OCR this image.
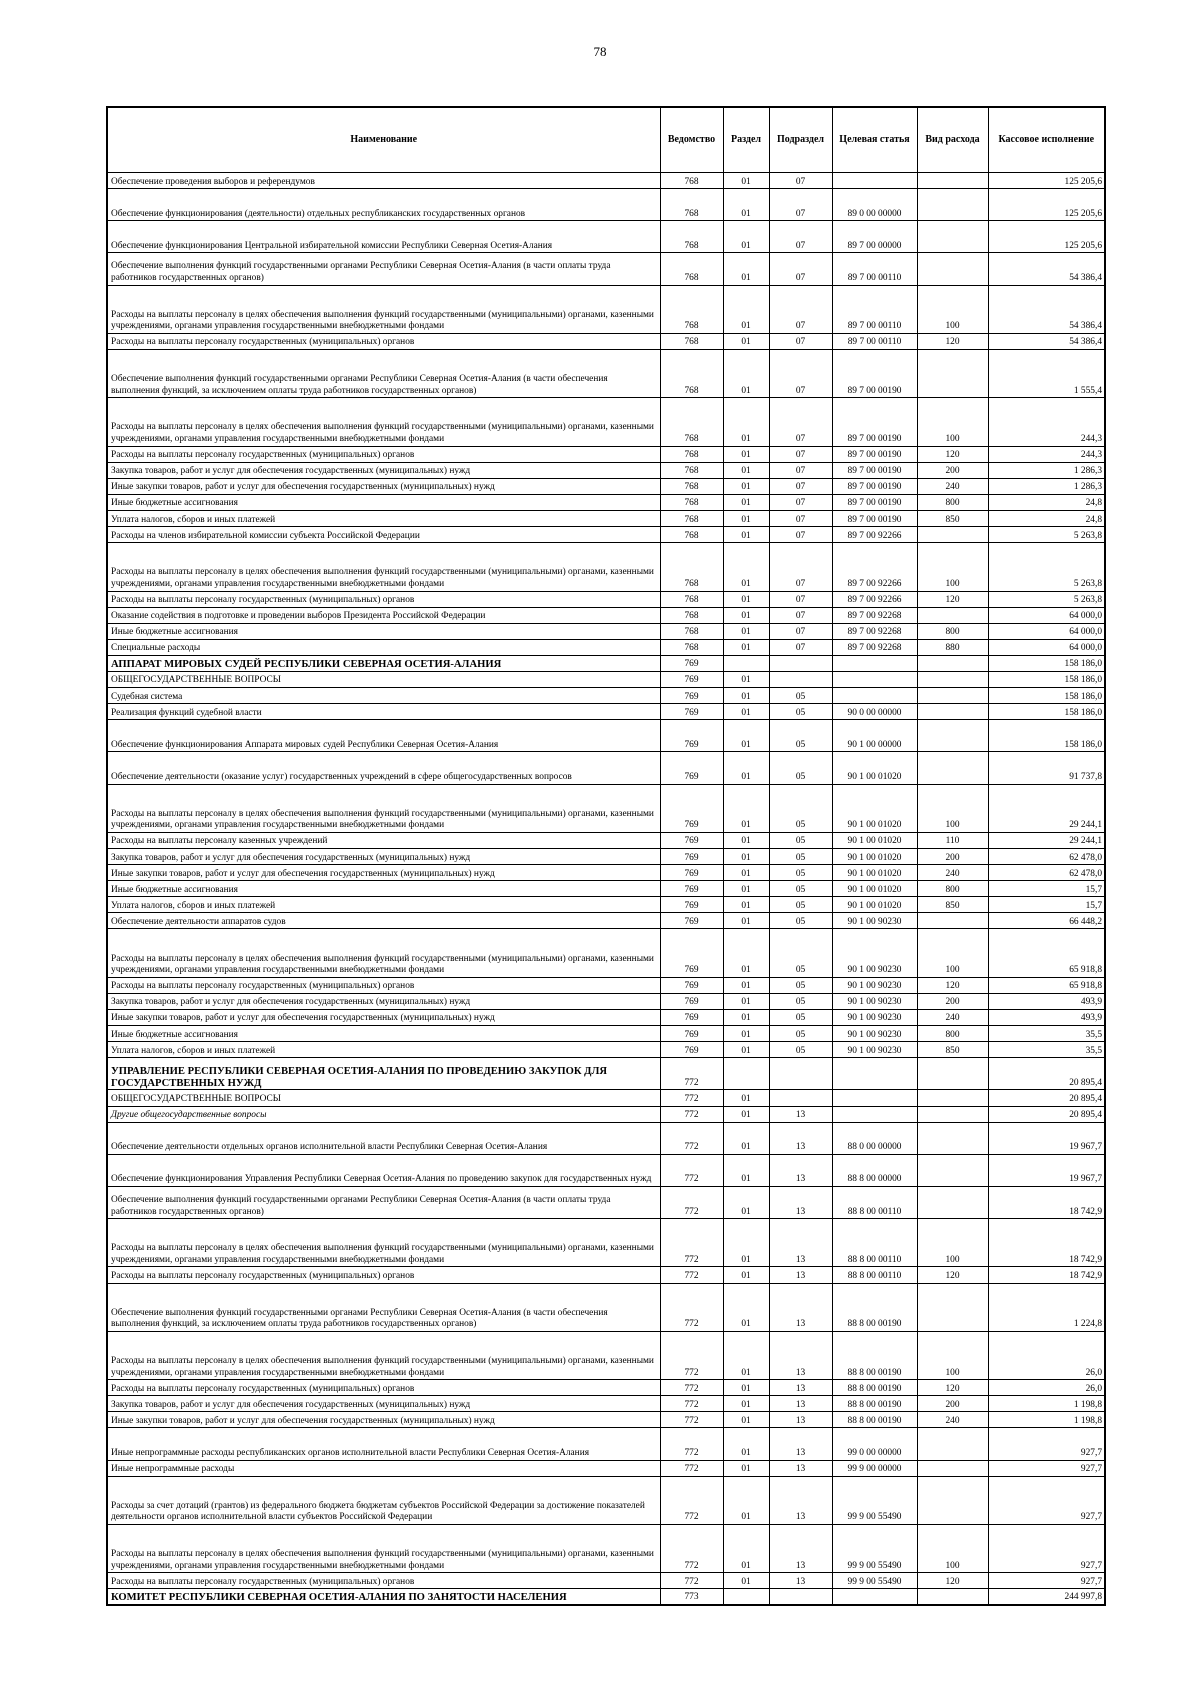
78
Наименование	Ведомство	Раздел	Подраздел	Целевая статья	Вид расхода	Кассовое исполнение
Обеспечение проведения выборов и референдумов	768	01	07			125 205,6
Обеспечение функционирования (деятельности) отдельных республиканских государственных органов	768	01	07	89 0 00 00000		125 205,6
Обеспечение функционирования Центральной избирательной комиссии Республики Северная Осетия-Алания	768	01	07	89 7 00 00000		125 205,6
Обеспечение выполнения функций государственными органами Республики Северная Осетия-Алания (в части оплаты труда работников государственных органов)	768	01	07	89 7 00 00110		54 386,4
Расходы на выплаты персоналу в целях обеспечения выполнения функций государственными (муниципальными) органами, казенными учреждениями, органами управления государственными внебюджетными фондами	768	01	07	89 7 00 00110	100	54 386,4
Расходы на выплаты персоналу государственных (муниципальных) органов	768	01	07	89 7 00 00110	120	54 386,4
Обеспечение выполнения функций государственными органами Республики Северная Осетия-Алания (в части обеспечения выполнения функций, за исключением оплаты труда работников государственных органов)	768	01	07	89 7 00 00190		1 555,4
Расходы на выплаты персоналу в целях обеспечения выполнения функций государственными (муниципальными) органами, казенными учреждениями, органами управления государственными внебюджетными фондами	768	01	07	89 7 00 00190	100	244,3
Расходы на выплаты персоналу государственных (муниципальных) органов	768	01	07	89 7 00 00190	120	244,3
Закупка товаров, работ и услуг для обеспечения государственных (муниципальных) нужд	768	01	07	89 7 00 00190	200	1 286,3
Иные закупки товаров, работ и услуг для обеспечения государственных (муниципальных) нужд	768	01	07	89 7 00 00190	240	1 286,3
Иные бюджетные ассигнования	768	01	07	89 7 00 00190	800	24,8
Уплата налогов, сборов и иных платежей	768	01	07	89 7 00 00190	850	24,8
Расходы на членов избирательной комиссии субъекта Российской Федерации	768	01	07	89 7 00 92266		5 263,8
Расходы на выплаты персоналу в целях обеспечения выполнения функций государственными (муниципальными) органами, казенными учреждениями, органами управления государственными внебюджетными фондами	768	01	07	89 7 00 92266	100	5 263,8
Расходы на выплаты персоналу государственных (муниципальных) органов	768	01	07	89 7 00 92266	120	5 263,8
Оказание содействия в подготовке и проведении выборов Президента Российской Федерации	768	01	07	89 7 00 92268		64 000,0
Иные бюджетные ассигнования	768	01	07	89 7 00 92268	800	64 000,0
Специальные расходы	768	01	07	89 7 00 92268	880	64 000,0
АППАРАТ МИРОВЫХ СУДЕЙ РЕСПУБЛИКИ СЕВЕРНАЯ ОСЕТИЯ-АЛАНИЯ	769					158 186,0
ОБЩЕГОСУДАРСТВЕННЫЕ ВОПРОСЫ	769	01				158 186,0
Судебная система	769	01	05			158 186,0
Реализация функций судебной власти	769	01	05	90 0 00 00000		158 186,0
Обеспечение функционирования Аппарата мировых судей Республики Северная Осетия-Алания	769	01	05	90 1 00 00000		158 186,0
Обеспечение деятельности (оказание услуг) государственных учреждений в сфере общегосударственных вопросов	769	01	05	90 1 00 01020		91 737,8
Расходы на выплаты персоналу в целях обеспечения выполнения функций государственными (муниципальными) органами, казенными учреждениями, органами управления государственными внебюджетными фондами	769	01	05	90 1 00 01020	100	29 244,1
Расходы на выплаты персоналу казенных учреждений	769	01	05	90 1 00 01020	110	29 244,1
Закупка товаров, работ и услуг для обеспечения государственных (муниципальных) нужд	769	01	05	90 1 00 01020	200	62 478,0
Иные закупки товаров, работ и услуг для обеспечения государственных (муниципальных) нужд	769	01	05	90 1 00 01020	240	62 478,0
Иные бюджетные ассигнования	769	01	05	90 1 00 01020	800	15,7
Уплата налогов, сборов и иных платежей	769	01	05	90 1 00 01020	850	15,7
Обеспечение деятельности аппаратов судов	769	01	05	90 1 00 90230		66 448,2
Расходы на выплаты персоналу в целях обеспечения выполнения функций государственными (муниципальными) органами, казенными учреждениями, органами управления государственными внебюджетными фондами	769	01	05	90 1 00 90230	100	65 918,8
Расходы на выплаты персоналу государственных (муниципальных) органов	769	01	05	90 1 00 90230	120	65 918,8
Закупка товаров, работ и услуг для обеспечения государственных (муниципальных) нужд	769	01	05	90 1 00 90230	200	493,9
Иные закупки товаров, работ и услуг для обеспечения государственных (муниципальных) нужд	769	01	05	90 1 00 90230	240	493,9
Иные бюджетные ассигнования	769	01	05	90 1 00 90230	800	35,5
Уплата налогов, сборов и иных платежей	769	01	05	90 1 00 90230	850	35,5
УПРАВЛЕНИЕ РЕСПУБЛИКИ СЕВЕРНАЯ ОСЕТИЯ-АЛАНИЯ ПО ПРОВЕДЕНИЮ ЗАКУПОК ДЛЯ ГОСУДАРСТВЕННЫХ НУЖД	772					20 895,4
ОБЩЕГОСУДАРСТВЕННЫЕ ВОПРОСЫ	772	01				20 895,4
Другие общегосударственные вопросы	772	01	13			20 895,4
Обеспечение деятельности отдельных органов исполнительной власти Республики Северная Осетия-Алания	772	01	13	88 0 00 00000		19 967,7
Обеспечение функционирования Управления Республики Северная Осетия-Алания по проведению закупок для государственных нужд	772	01	13	88 8 00 00000		19 967,7
Обеспечение выполнения функций государственными органами Республики Северная Осетия-Алания (в части оплаты труда работников государственных органов)	772	01	13	88 8 00 00110		18 742,9
Расходы на выплаты персоналу в целях обеспечения выполнения функций государственными (муниципальными) органами, казенными учреждениями, органами управления государственными внебюджетными фондами	772	01	13	88 8 00 00110	100	18 742,9
Расходы на выплаты персоналу государственных (муниципальных) органов	772	01	13	88 8 00 00110	120	18 742,9
Обеспечение выполнения функций государственными органами Республики Северная Осетия-Алания (в части обеспечения выполнения функций, за исключением оплаты труда работников государственных органов)	772	01	13	88 8 00 00190		1 224,8
Расходы на выплаты персоналу в целях обеспечения выполнения функций государственными (муниципальными) органами, казенными учреждениями, органами управления государственными внебюджетными фондами	772	01	13	88 8 00 00190	100	26,0
Расходы на выплаты персоналу государственных (муниципальных) органов	772	01	13	88 8 00 00190	120	26,0
Закупка товаров, работ и услуг для обеспечения государственных (муниципальных) нужд	772	01	13	88 8 00 00190	200	1 198,8
Иные закупки товаров, работ и услуг для обеспечения государственных (муниципальных) нужд	772	01	13	88 8 00 00190	240	1 198,8
Иные непрограммные расходы республиканских органов исполнительной власти Республики Северная Осетия-Алания	772	01	13	99 0 00 00000		927,7
Иные непрограммные расходы	772	01	13	99 9 00 00000		927,7
Расходы за счет дотаций (грантов) из федерального бюджета бюджетам субъектов Российской Федерации за достижение показателей деятельности органов исполнительной власти субъектов Российской Федерации	772	01	13	99 9 00 55490		927,7
Расходы на выплаты персоналу в целях обеспечения выполнения функций государственными (муниципальными) органами, казенными учреждениями, органами управления государственными внебюджетными фондами	772	01	13	99 9 00 55490	100	927,7
Расходы на выплаты персоналу государственных (муниципальных) органов	772	01	13	99 9 00 55490	120	927,7
КОМИТЕТ РЕСПУБЛИКИ СЕВЕРНАЯ ОСЕТИЯ-АЛАНИЯ ПО ЗАНЯТОСТИ НАСЕЛЕНИЯ	773					244 997,8
